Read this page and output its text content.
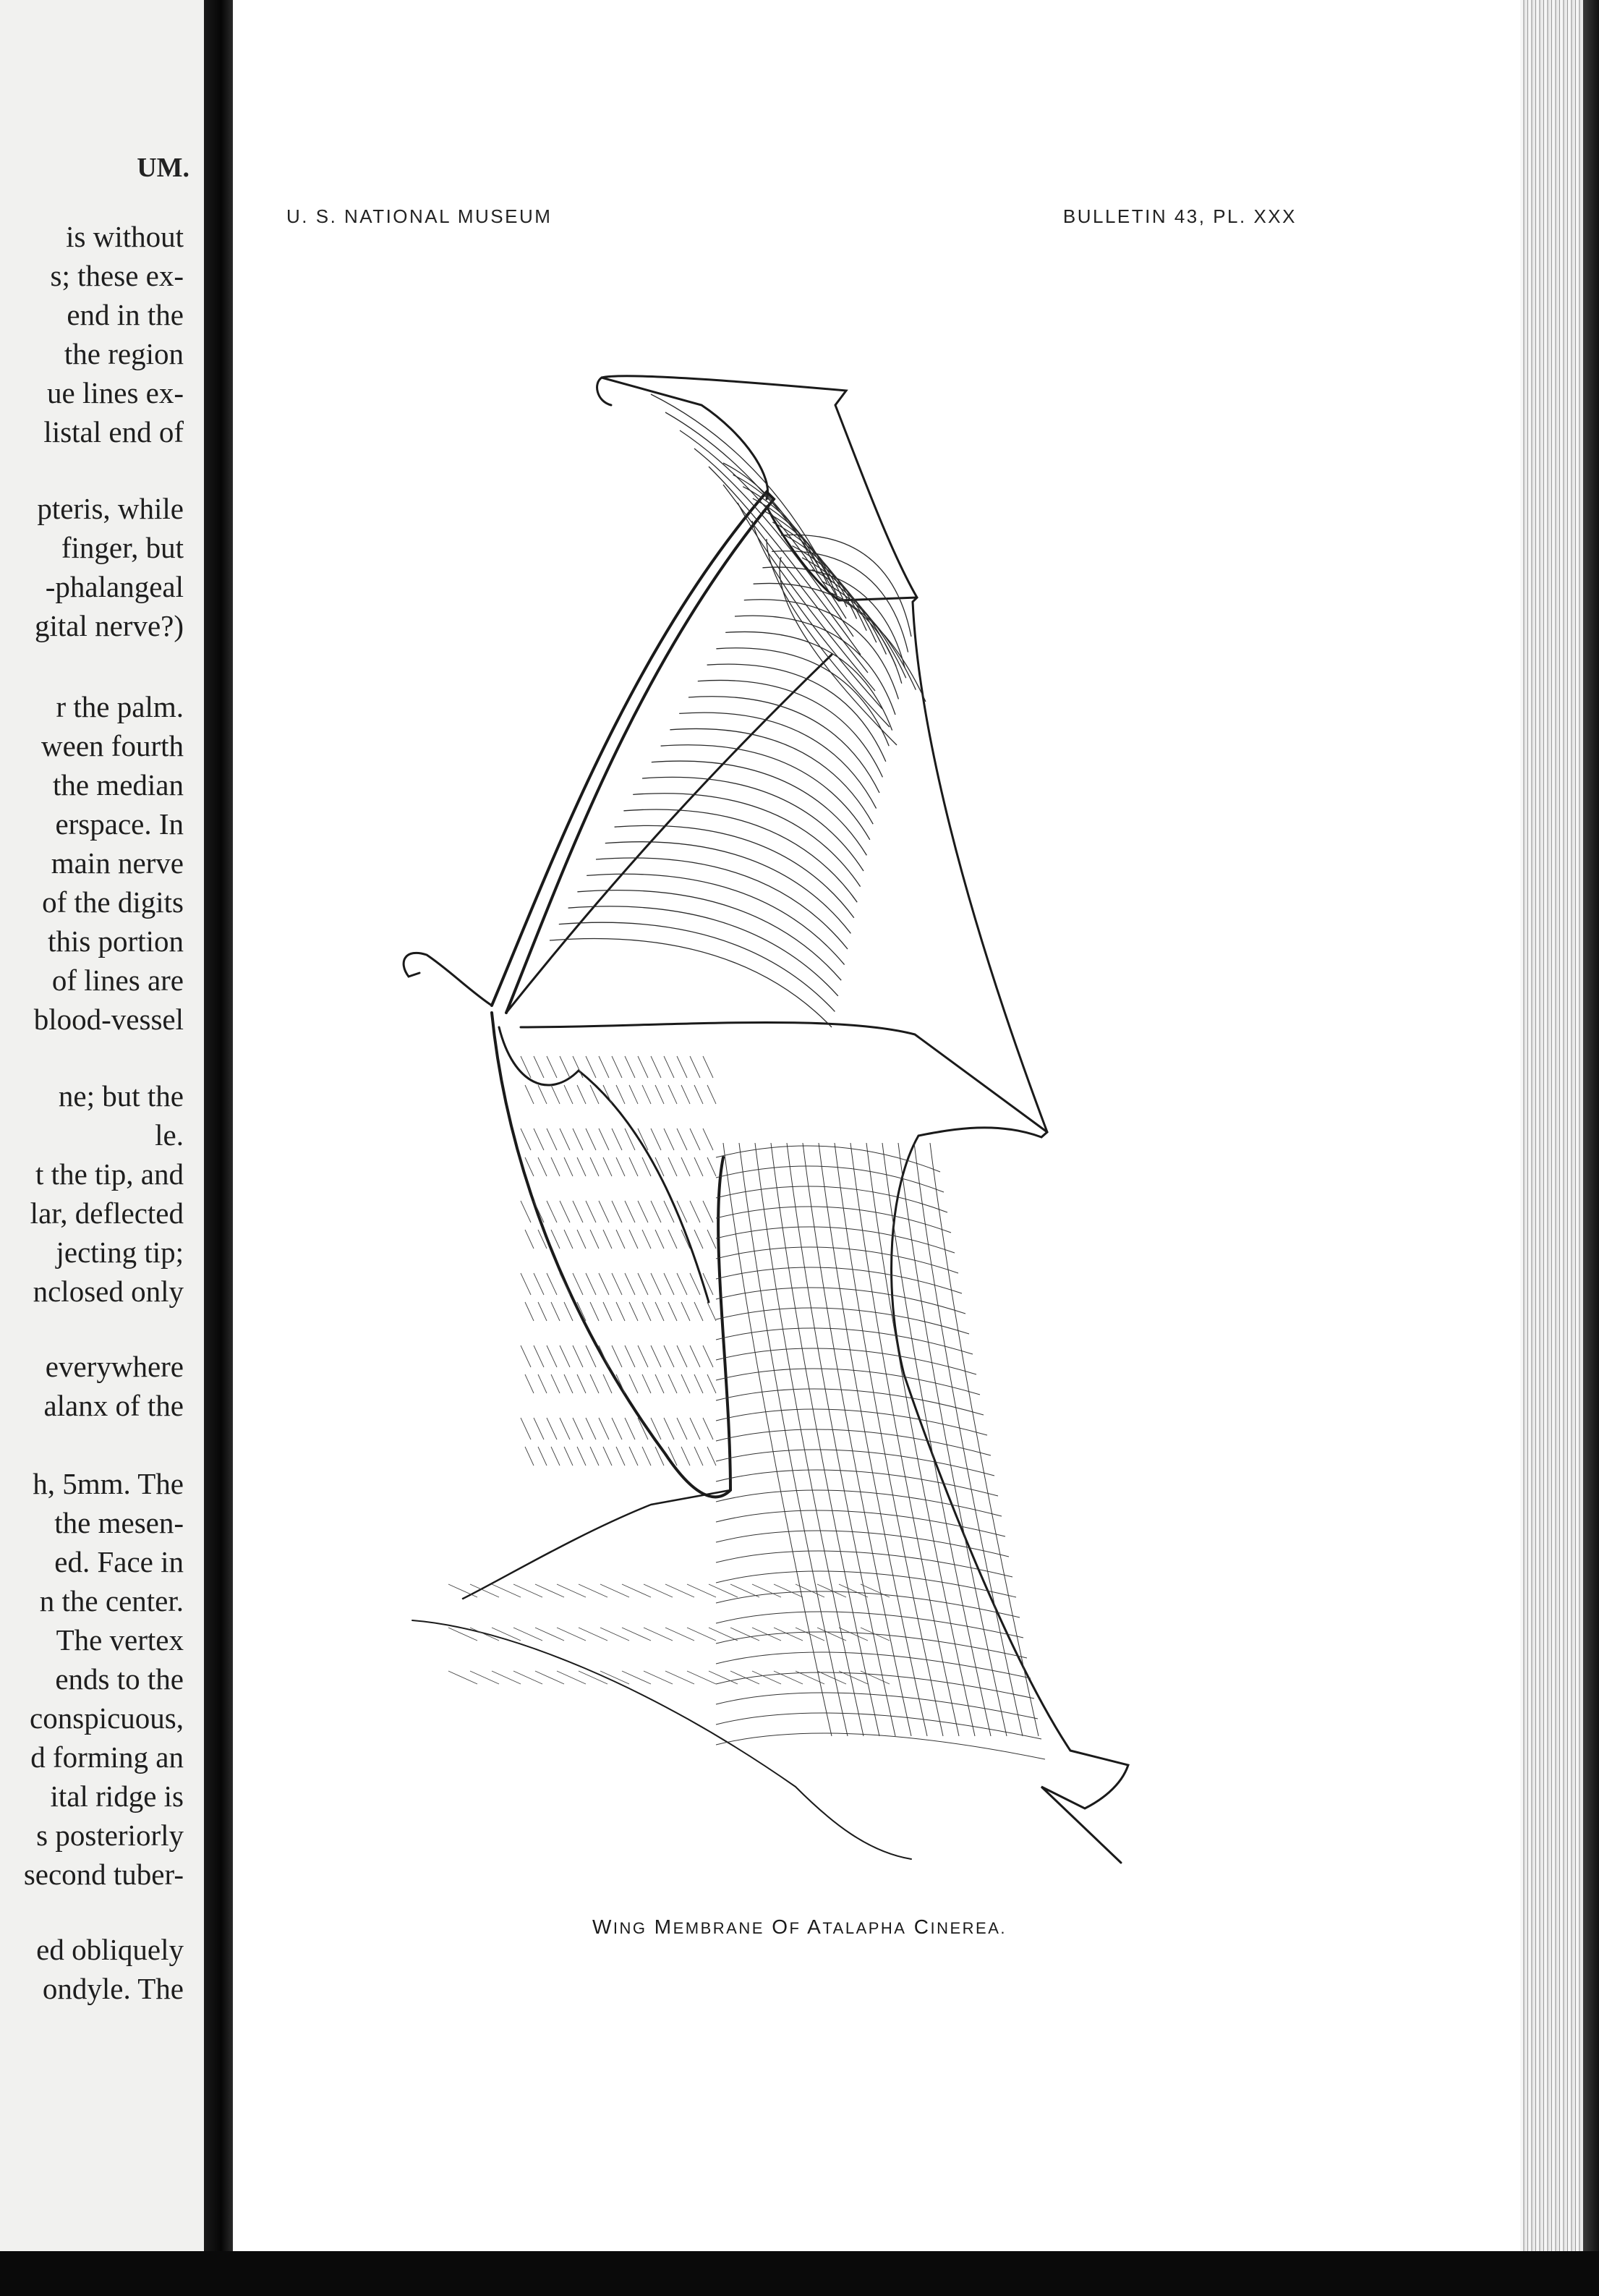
UM.
is without
s; these ex-
end in the
the region
ue lines ex-
listal end of
pteris, while
finger, but
-phalangeal
gital nerve?)
r the palm.
ween fourth
the median
erspace. In
main nerve
of the digits
this portion
of lines are
blood-vessel
ne; but the
le.
t the tip, and
lar, deflected
jecting tip;
nclosed only
everywhere
alanx of the
h, 5mm. The
the mesen-
ed. Face in
n the center.
The vertex
ends to the
conspicuous,
d forming an
ital ridge is
s posteriorly
second tuber-
ed obliquely
ondyle. The
U. S. NATIONAL MUSEUM	BULLETIN 43, PL. XXX
WING MEMBRANE OF ATALAPHA CINEREA.
